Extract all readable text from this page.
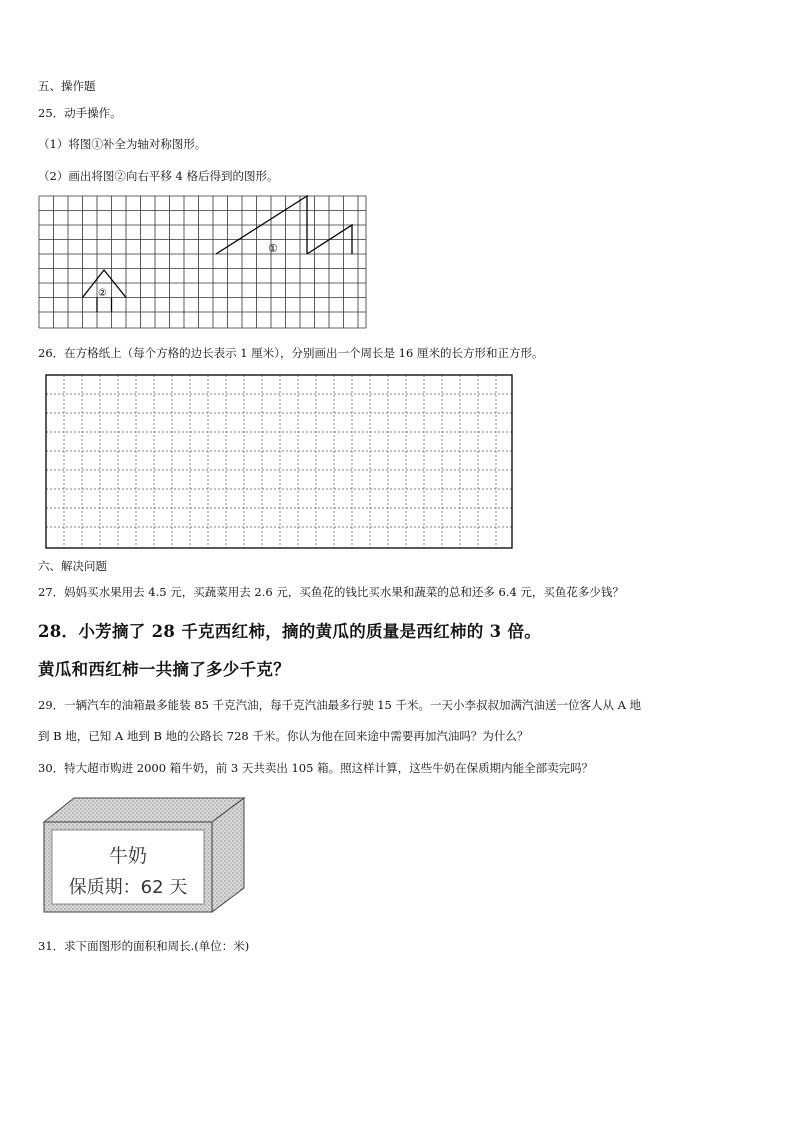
五、操作题
25．动手操作。
（1）将图①补全为轴对称图形。
（2）画出将图②向右平移 4 格后得到的图形。
①
②
26．在方格纸上（每个方格的边长表示 1 厘米），分别画出一个周长是 16 厘米的长方形和正方形。
六、解决问题
27．妈妈买水果用去 4.5 元，买蔬菜用去 2.6 元，买鱼花的钱比买水果和蔬菜的总和还多 6.4 元，买鱼花多少钱？
28．小芳摘了 28 千克西红柿，摘的黄瓜的质量是西红柿的 3 倍。
黄瓜和西红柿一共摘了多少千克？
29．一辆汽车的油箱最多能装 85 千克汽油，每千克汽油最多行驶 15 千米。一天小李叔叔加满汽油送一位客人从 A 地
到 B 地，已知 A 地到 B 地的公路长 728 千米。你认为他在回来途中需要再加汽油吗？为什么？
30．特大超市购进 2000 箱牛奶，前 3 天共卖出 105 箱。照这样计算，这些牛奶在保质期内能全部卖完吗？
牛奶
保质期：62 天
31．求下面图形的面积和周长.(单位：米)
